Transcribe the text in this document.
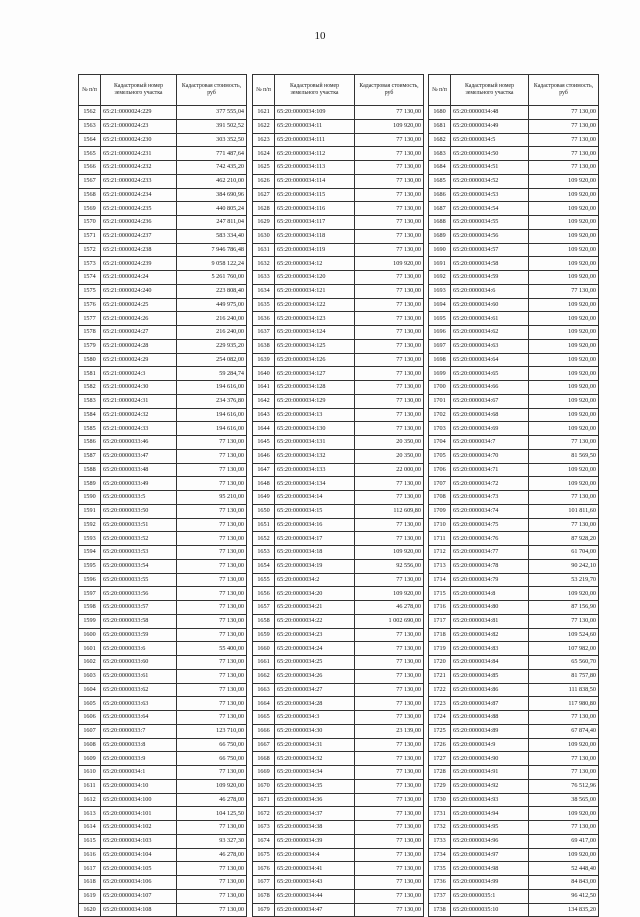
10
№ п/п	Кадастровый номер земельного участка	Кадастровая стоимость, руб
1562	65:21:0000024:229	377 555,04
1563	65:21:0000024:23	391 502,52
1564	65:21:0000024:230	303 352,50
1565	65:21:0000024:231	771 487,64
1566	65:21:0000024:232	742 435,20
1567	65:21:0000024:233	462 210,00
1568	65:21:0000024:234	384 690,96
1569	65:21:0000024:235	440 805,24
1570	65:21:0000024:236	247 811,04
1571	65:21:0000024:237	583 334,40
1572	65:21:0000024:238	7 946 786,48
1573	65:21:0000024:239	9 058 122,24
1574	65:21:0000024:24	5 261 760,00
1575	65:21:0000024:240	223 808,40
1576	65:21:0000024:25	449 975,00
1577	65:21:0000024:26	216 240,00
1578	65:21:0000024:27	216 240,00
1579	65:21:0000024:28	229 935,20
1580	65:21:0000024:29	254 082,00
1581	65:21:0000024:3	59 284,74
1582	65:21:0000024:30	194 616,00
1583	65:21:0000024:31	234 376,80
1584	65:21:0000024:32	194 616,00
1585	65:21:0000024:33	194 616,00
1586	65:20:0000033:46	77 130,00
1587	65:20:0000033:47	77 130,00
1588	65:20:0000033:48	77 130,00
1589	65:20:0000033:49	77 130,00
1590	65:20:0000033:5	95 210,00
1591	65:20:0000033:50	77 130,00
1592	65:20:0000033:51	77 130,00
1593	65:20:0000033:52	77 130,00
1594	65:20:0000033:53	77 130,00
1595	65:20:0000033:54	77 130,00
1596	65:20:0000033:55	77 130,00
1597	65:20:0000033:56	77 130,00
1598	65:20:0000033:57	77 130,00
1599	65:20:0000033:58	77 130,00
1600	65:20:0000033:59	77 130,00
1601	65:20:0000033:6	55 400,00
1602	65:20:0000033:60	77 130,00
1603	65:20:0000033:61	77 130,00
1604	65:20:0000033:62	77 130,00
1605	65:20:0000033:63	77 130,00
1606	65:20:0000033:64	77 130,00
1607	65:20:0000033:7	123 710,00
1608	65:20:0000033:8	66 750,00
1609	65:20:0000033:9	66 750,00
1610	65:20:0000034:1	77 130,00
1611	65:20:0000034:10	109 920,00
1612	65:20:0000034:100	46 278,00
1613	65:20:0000034:101	104 125,50
1614	65:20:0000034:102	77 130,00
1615	65:20:0000034:103	93 327,30
1616	65:20:0000034:104	46 278,00
1617	65:20:0000034:105	77 130,00
1618	65:20:0000034:106	77 130,00
1619	65:20:0000034:107	77 130,00
1620	65:20:0000034:108	77 130,00
№ п/п	Кадастровый номер земельного участка	Кадастровая стоимость, руб
1621	65:20:0000034:109	77 130,00
1622	65:20:0000034:11	109 920,00
1623	65:20:0000034:111	77 130,00
1624	65:20:0000034:112	77 130,00
1625	65:20:0000034:113	77 130,00
1626	65:20:0000034:114	77 130,00
1627	65:20:0000034:115	77 130,00
1628	65:20:0000034:116	77 130,00
1629	65:20:0000034:117	77 130,00
1630	65:20:0000034:118	77 130,00
1631	65:20:0000034:119	77 130,00
1632	65:20:0000034:12	109 920,00
1633	65:20:0000034:120	77 130,00
1634	65:20:0000034:121	77 130,00
1635	65:20:0000034:122	77 130,00
1636	65:20:0000034:123	77 130,00
1637	65:20:0000034:124	77 130,00
1638	65:20:0000034:125	77 130,00
1639	65:20:0000034:126	77 130,00
1640	65:20:0000034:127	77 130,00
1641	65:20:0000034:128	77 130,00
1642	65:20:0000034:129	77 130,00
1643	65:20:0000034:13	77 130,00
1644	65:20:0000034:130	77 130,00
1645	65:20:0000034:131	20 350,00
1646	65:20:0000034:132	20 350,00
1647	65:20:0000034:133	22 000,00
1648	65:20:0000034:134	77 130,00
1649	65:20:0000034:14	77 130,00
1650	65:20:0000034:15	112 609,80
1651	65:20:0000034:16	77 130,00
1652	65:20:0000034:17	77 130,00
1653	65:20:0000034:18	109 920,00
1654	65:20:0000034:19	92 556,00
1655	65:20:0000034:2	77 130,00
1656	65:20:0000034:20	109 920,00
1657	65:20:0000034:21	46 278,00
1658	65:20:0000034:22	1 002 690,00
1659	65:20:0000034:23	77 130,00
1660	65:20:0000034:24	77 130,00
1661	65:20:0000034:25	77 130,00
1662	65:20:0000034:26	77 130,00
1663	65:20:0000034:27	77 130,00
1664	65:20:0000034:28	77 130,00
1665	65:20:0000034:3	77 130,00
1666	65:20:0000034:30	23 139,00
1667	65:20:0000034:31	77 130,00
1668	65:20:0000034:32	77 130,00
1669	65:20:0000034:34	77 130,00
1670	65:20:0000034:35	77 130,00
1671	65:20:0000034:36	77 130,00
1672	65:20:0000034:37	77 130,00
1673	65:20:0000034:38	77 130,00
1674	65:20:0000034:39	77 130,00
1675	65:20:0000034:4	77 130,00
1676	65:20:0000034:41	77 130,00
1677	65:20:0000034:43	77 130,00
1678	65:20:0000034:44	77 130,00
1679	65:20:0000034:47	77 130,00
№ п/п	Кадастровый номер земельного участка	Кадастровая стоимость, руб
1680	65:20:0000034:48	77 130,00
1681	65:20:0000034:49	77 130,00
1682	65:20:0000034:5	77 130,00
1683	65:20:0000034:50	77 130,00
1684	65:20:0000034:51	77 130,00
1685	65:20:0000034:52	109 920,00
1686	65:20:0000034:53	109 920,00
1687	65:20:0000034:54	109 920,00
1688	65:20:0000034:55	109 920,00
1689	65:20:0000034:56	109 920,00
1690	65:20:0000034:57	109 920,00
1691	65:20:0000034:58	109 920,00
1692	65:20:0000034:59	109 920,00
1693	65:20:0000034:6	77 130,00
1694	65:20:0000034:60	109 920,00
1695	65:20:0000034:61	109 920,00
1696	65:20:0000034:62	109 920,00
1697	65:20:0000034:63	109 920,00
1698	65:20:0000034:64	109 920,00
1699	65:20:0000034:65	109 920,00
1700	65:20:0000034:66	109 920,00
1701	65:20:0000034:67	109 920,00
1702	65:20:0000034:68	109 920,00
1703	65:20:0000034:69	109 920,00
1704	65:20:0000034:7	77 130,00
1705	65:20:0000034:70	81 569,50
1706	65:20:0000034:71	109 920,00
1707	65:20:0000034:72	109 920,00
1708	65:20:0000034:73	77 130,00
1709	65:20:0000034:74	101 811,60
1710	65:20:0000034:75	77 130,00
1711	65:20:0000034:76	87 928,20
1712	65:20:0000034:77	61 704,00
1713	65:20:0000034:78	90 242,10
1714	65:20:0000034:79	53 219,70
1715	65:20:0000034:8	109 920,00
1716	65:20:0000034:80	87 156,90
1717	65:20:0000034:81	77 130,00
1718	65:20:0000034:82	109 524,60
1719	65:20:0000034:83	107 982,00
1720	65:20:0000034:84	65 560,70
1721	65:20:0000034:85	81 757,80
1722	65:20:0000034:86	111 838,50
1723	65:20:0000034:87	117 980,80
1724	65:20:0000034:88	77 130,00
1725	65:20:0000034:89	67 874,40
1726	65:20:0000034:9	109 920,00
1727	65:20:0000034:90	77 130,00
1728	65:20:0000034:91	77 130,00
1729	65:20:0000034:92	76 512,96
1730	65:20:0000034:93	38 565,00
1731	65:20:0000034:94	109 920,00
1732	65:20:0000034:95	77 130,00
1733	65:20:0000034:96	69 417,00
1734	65:20:0000034:97	109 920,00
1735	65:20:0000034:98	52 448,40
1736	65:20:0000034:99	84 843,00
1737	65:20:0000035:1	96 412,50
1738	65:20:0000035:10	134 835,20
